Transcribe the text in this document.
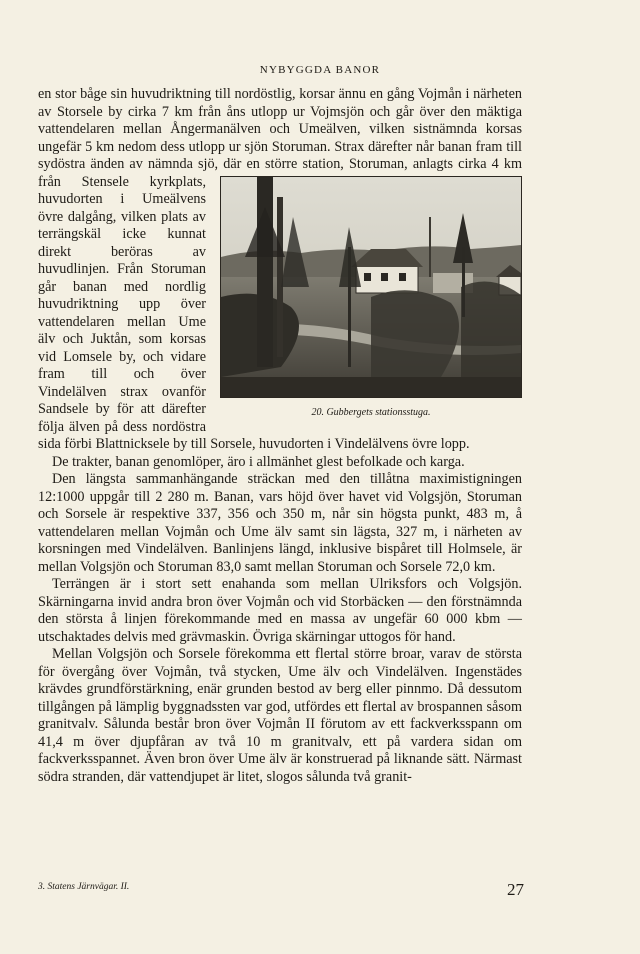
NYBYGGDA BANOR

en stor båge sin huvudriktning till nordöstlig, korsar ännu en gång Vojmån i närheten av Storsele by cirka 7 km från åns utlopp ur Vojmsjön och går över den mäktiga vattendelaren mellan Ångermanälven och Umeälven, vilken sistnämnda korsas ungefär 5 km nedom dess utlopp ur sjön Storuman. Strax därefter når banan fram till sydöstra änden av nämnda sjö, där en större
20. Gubbergets stationsstuga.
station, Storuman, anlagts cirka 4 km från Stensele kyrkplats, huvudorten i Umeälvens övre dalgång, vilken plats av terrängskäl icke kunnat direkt beröras av huvudlinjen. Från Storuman går banan med nordlig huvudriktning upp över vattendelaren mellan Ume älv och Juktån, som korsas vid Lomsele by, och vidare fram till och över Vindelälven strax ovanför Sandsele by för att därefter följa älven på dess nordöstra sida förbi Blattnicksele by till Sorsele, huvudorten i Vindelälvens övre lopp.

De trakter, banan genomlöper, äro i allmänhet glest befolkade och karga.

Den längsta sammanhängande sträckan med den tillåtna maximistigningen 12:1000 uppgår till 2 280 m. Banan, vars höjd över havet vid Volgsjön, Storuman och Sorsele är respektive 337, 356 och 350 m, når sin högsta punkt, 483 m, å vattendelaren mellan Vojmån och Ume älv samt sin lägsta, 327 m, i närheten av korsningen med Vindelälven. Banlinjens längd, inklusive bispåret till Holmsele, är mellan Volgsjön och Storuman 83,0 samt mellan Storuman och Sorsele 72,0 km.

Terrängen är i stort sett enahanda som mellan Ulriksfors och Volgsjön. Skärningarna invid andra bron över Vojmån och vid Storbäcken — den förstnämnda den största å linjen förekommande med en massa av ungefär 60 000 kbm — utschaktades delvis med grävmaskin. Övriga skärningar uttogos för hand.

Mellan Volgsjön och Sorsele förekomma ett flertal större broar, varav de största för övergång över Vojmån, två stycken, Ume älv och Vindelälven. Ingenstädes krävdes grundförstärkning, enär grunden bestod av berg eller pinnmo. Då dessutom tillgången på lämplig byggnadssten var god, utfördes ett flertal av brospannen såsom granitvalv. Sålunda består bron över Vojmån II förutom av ett fackverksspann om 41,4 m över djupfåran av två 10 m granitvalv, ett på vardera sidan om fackverksspannet. Även bron över Ume älv är konstruerad på liknande sätt. Närmast södra stranden, där vattendjupet är litet, slogos sålunda två granit-

3. Statens Järnvägar. II.	27
